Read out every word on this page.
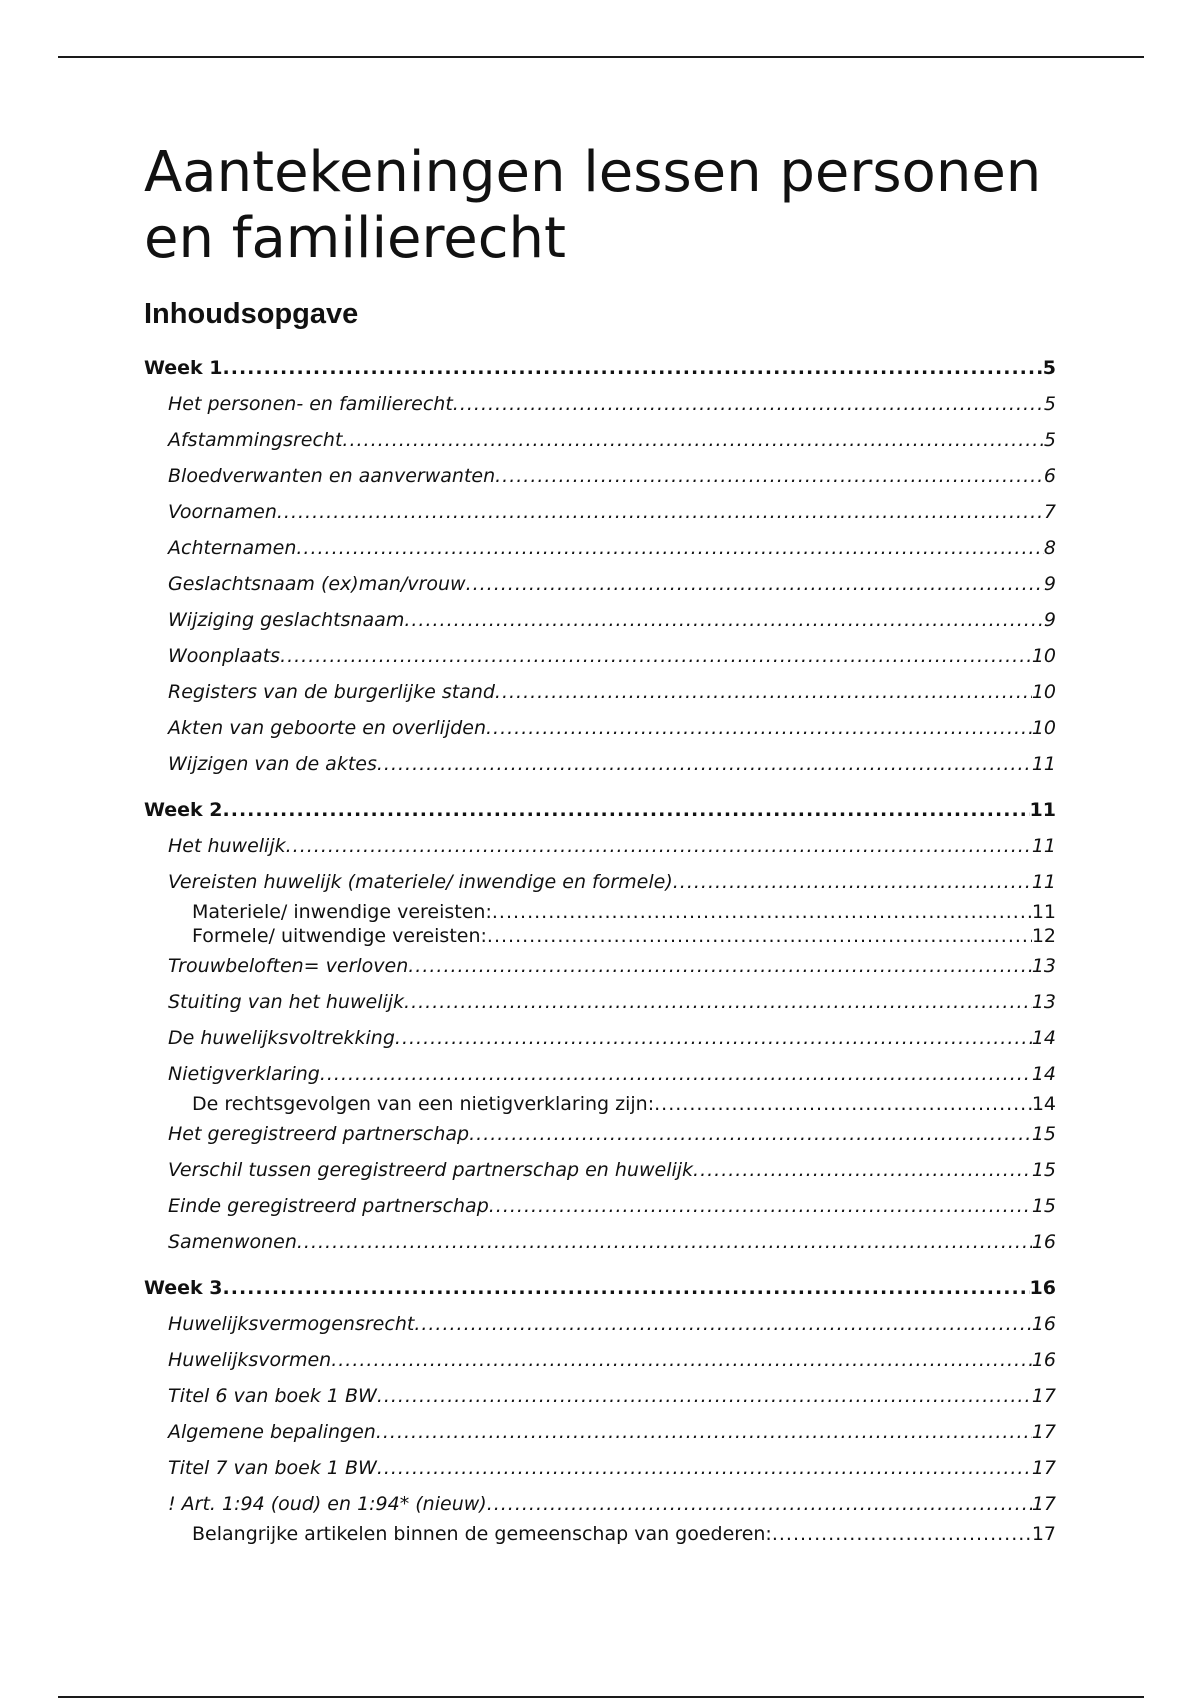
Aantekeningen lessen personen en familierecht
Inhoudsopgave
Week 1 .....	5
Het personen- en familierecht .....	5
Afstammingsrecht .....	5
Bloedverwanten en aanverwanten .....	6
Voornamen .....	7
Achternamen .....	8
Geslachtsnaam (ex)man/vrouw .....	9
Wijziging geslachtsnaam .....	9
Woonplaats .....	10
Registers van de burgerlijke stand .....	10
Akten van geboorte en overlijden .....	10
Wijzigen van de aktes .....	11
Week 2 .....	11
Het huwelijk .....	11
Vereisten huwelijk (materiele/ inwendige en formele) .....	11
Materiele/ inwendige vereisten: .....	11
Formele/ uitwendige vereisten: .....	12
Trouwbeloften= verloven .....	13
Stuiting van het huwelijk .....	13
De huwelijksvoltrekking .....	14
Nietigverklaring .....	14
De rechtsgevolgen van een nietigverklaring zijn: .....	14
Het geregistreerd partnerschap .....	15
Verschil tussen geregistreerd partnerschap en huwelijk .....	15
Einde geregistreerd partnerschap .....	15
Samenwonen .....	16
Week 3 .....	16
Huwelijksvermogensrecht .....	16
Huwelijksvormen .....	16
Titel 6 van boek 1 BW .....	17
Algemene bepalingen .....	17
Titel 7 van boek 1 BW .....	17
! Art. 1:94 (oud) en 1:94* (nieuw) .....	17
Belangrijke artikelen binnen de gemeenschap van goederen: .....	17
